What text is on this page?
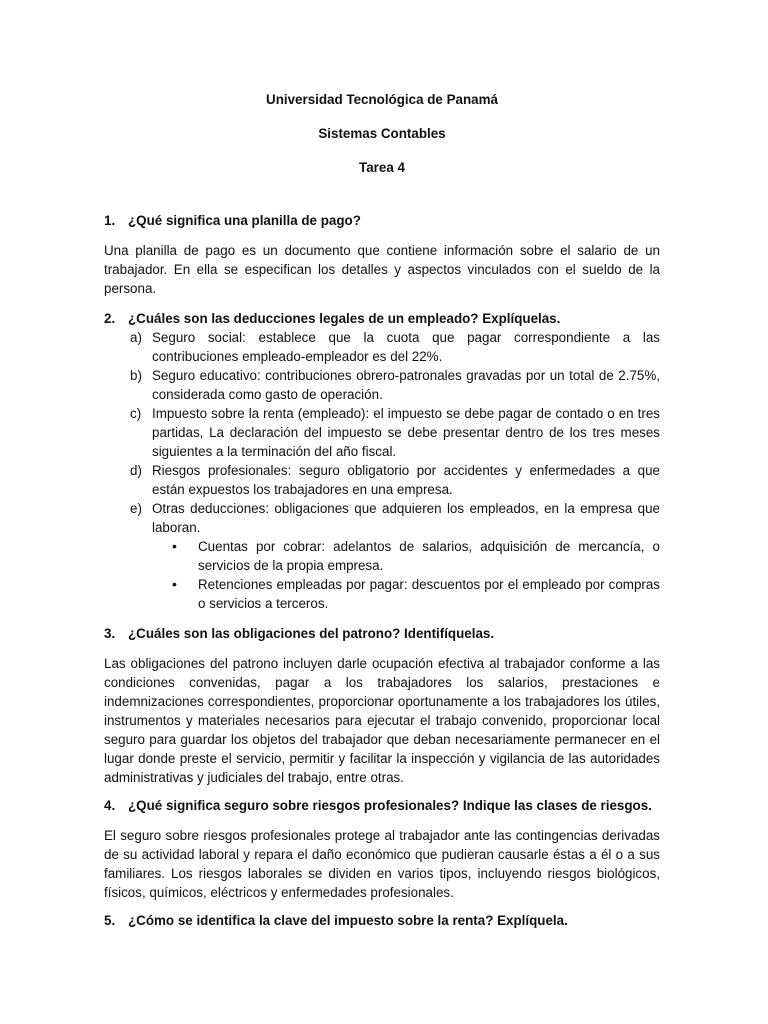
Universidad Tecnológica de Panamá

Sistemas Contables

Tarea 4

1. ¿Qué significa una planilla de pago?

Una planilla de pago es un documento que contiene información sobre el salario de un trabajador. En ella se especifican los detalles y aspectos vinculados con el sueldo de la persona.

2. ¿Cuáles son las deducciones legales de un empleado? Explíquelas.
a) Seguro social: establece que la cuota que pagar correspondiente a las contribuciones empleado-empleador es del 22%.
b) Seguro educativo: contribuciones obrero-patronales gravadas por un total de 2.75%, considerada como gasto de operación.
c) Impuesto sobre la renta (empleado): el impuesto se debe pagar de contado o en tres partidas, La declaración del impuesto se debe presentar dentro de los tres meses siguientes a la terminación del año fiscal.
d) Riesgos profesionales: seguro obligatorio por accidentes y enfermedades a que están expuestos los trabajadores en una empresa.
e) Otras deducciones: obligaciones que adquieren los empleados, en la empresa que laboran.
•	Cuentas por cobrar: adelantos de salarios, adquisición de mercancía, o servicios de la propia empresa.
•	Retenciones empleadas por pagar: descuentos por el empleado por compras o servicios a terceros.
3. ¿Cuáles son las obligaciones del patrono? Identifíquelas.

Las obligaciones del patrono incluyen darle ocupación efectiva al trabajador conforme a las condiciones convenidas, pagar a los trabajadores los salarios, prestaciones e indemnizaciones correspondientes, proporcionar oportunamente a los trabajadores los útiles, instrumentos y materiales necesarios para ejecutar el trabajo convenido, proporcionar local seguro para guardar los objetos del trabajador que deban necesariamente permanecer en el lugar donde preste el servicio, permitir y facilitar la inspección y vigilancia de las autoridades administrativas y judiciales del trabajo, entre otras.

4. ¿Qué significa seguro sobre riesgos profesionales? Indique las clases de riesgos.

El seguro sobre riesgos profesionales protege al trabajador ante las contingencias derivadas de su actividad laboral y repara el daño económico que pudieran causarle éstas a él o a sus familiares. Los riesgos laborales se dividen en varios tipos, incluyendo riesgos biológicos, físicos, químicos, eléctricos y enfermedades profesionales.

5. ¿Cómo se identifica la clave del impuesto sobre la renta? Explíquela.
